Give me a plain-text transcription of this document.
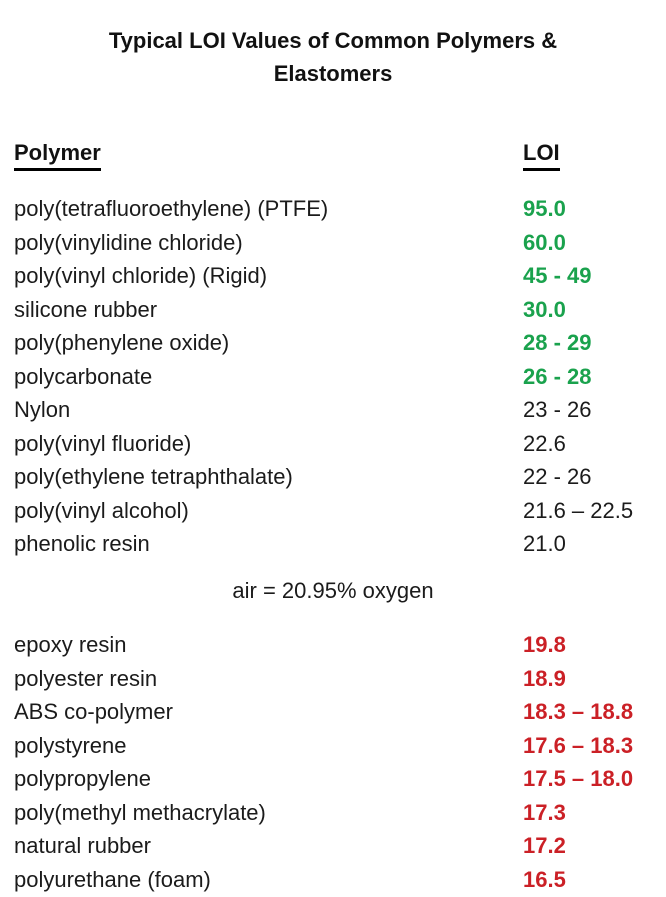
Typical LOI Values of Common Polymers &
Elastomers
Polymer	LOI
poly(tetrafluoroethylene) (PTFE)	95.0
poly(vinylidine chloride)	60.0
poly(vinyl chloride) (Rigid)	45 - 49
silicone rubber	30.0
poly(phenylene oxide)	28 - 29
polycarbonate	26 - 28
Nylon	23 - 26
poly(vinyl fluoride)	22.6
poly(ethylene tetraphthalate)	22 - 26
poly(vinyl alcohol)	21.6 – 22.5
phenolic resin	21.0
air = 20.95% oxygen
epoxy resin	19.8
polyester resin	18.9
ABS co-polymer	18.3 – 18.8
polystyrene	17.6 – 18.3
polypropylene	17.5 – 18.0
poly(methyl methacrylate)	17.3
natural rubber	17.2
polyurethane (foam)	16.5
